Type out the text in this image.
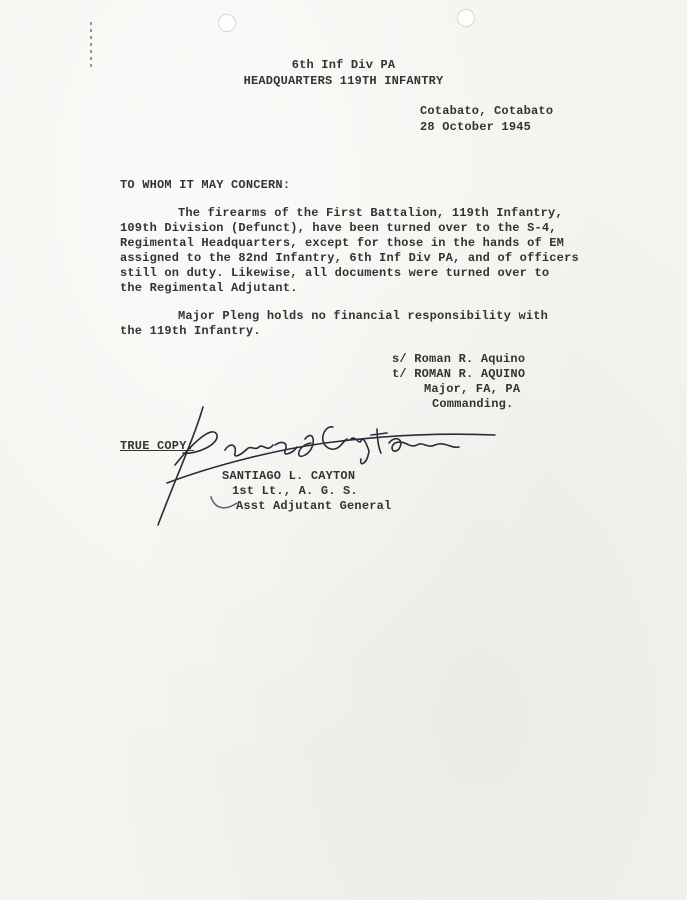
6th Inf Div PA
HEADQUARTERS 119TH INFANTRY
Cotabato, Cotabato
28 October 1945
TO WHOM IT MAY CONCERN:
The firearms of the First Battalion, 119th Infantry,
109th Division (Defunct), have been turned over to the S-4,
Regimental Headquarters, except for those in the hands of EM
assigned to the 82nd Infantry, 6th Inf Div PA, and of officers
still on duty. Likewise, all documents were turned over to
the Regimental Adjutant.
Major Pleng holds no financial responsibility with
the 119th Infantry.
s/ Roman R. Aquino
t/ ROMAN R. AQUINO
Major, FA, PA
Commanding.
TRUE COPY:
SANTIAGO L. CAYTON
1st Lt., A. G. S.
Asst Adjutant General
